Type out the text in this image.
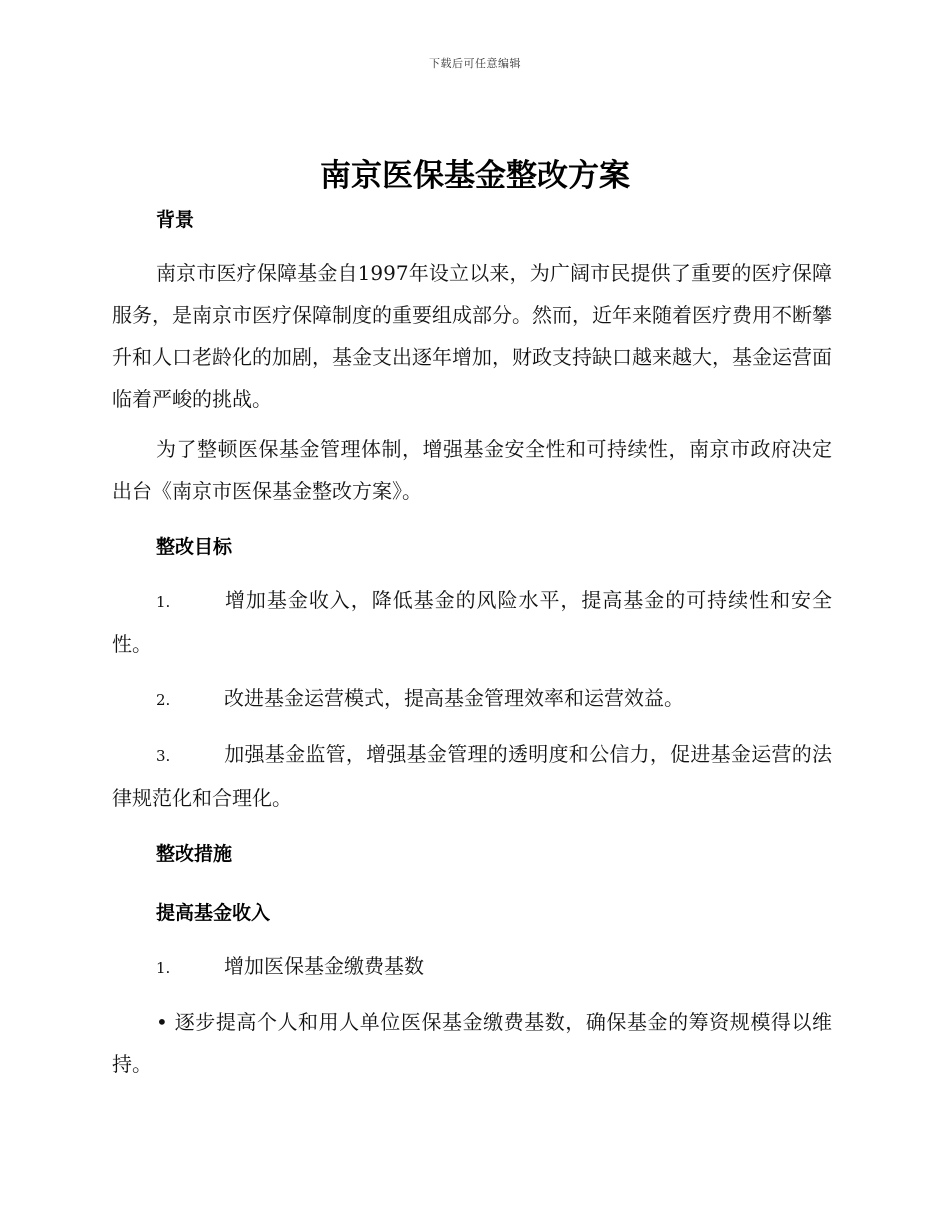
下载后可任意编辑
南京医保基金整改方案

背景

南京市医疗保障基金自1997年设立以来，为广阔市民提供了重要的医疗保障服务，是南京市医疗保障制度的重要组成部分。然而，近年来随着医疗费用不断攀升和人口老龄化的加剧，基金支出逐年增加，财政支持缺口越来越大，基金运营面临着严峻的挑战。

为了整顿医保基金管理体制，增强基金安全性和可持续性，南京市政府决定出台《南京市医保基金整改方案》。

整改目标

1.	增加基金收入，降低基金的风险水平，提高基金的可持续性和安全性。

2.	改进基金运营模式，提高基金管理效率和运营效益。

3.	加强基金监管，增强基金管理的透明度和公信力，促进基金运营的法律规范化和合理化。

整改措施

提高基金收入

1.	增加医保基金缴费基数

• 逐步提高个人和用人单位医保基金缴费基数，确保基金的筹资规模得以维持。
